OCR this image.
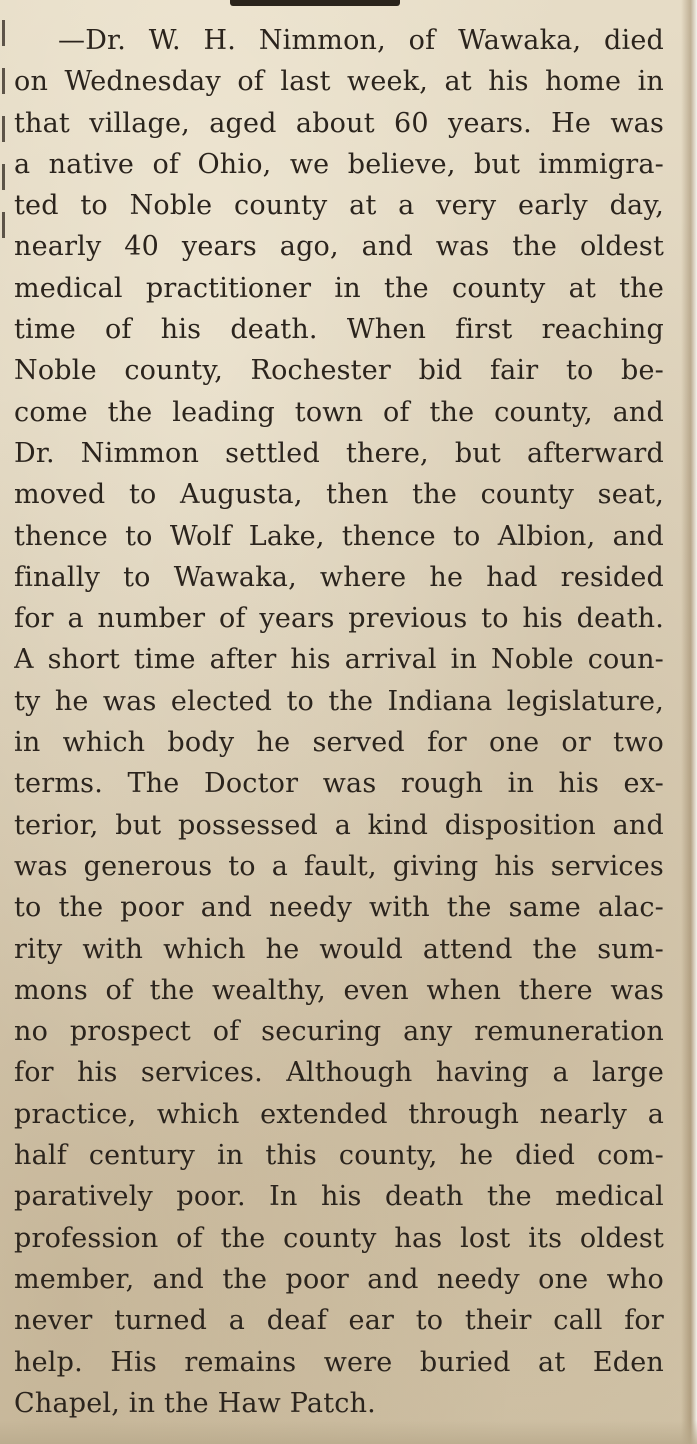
—Dr. W. H. Nimmon, of Wawaka, died
on Wednesday of last week, at his home in
that village, aged about 60 years. He was
a native of Ohio, we believe, but immigra-
ted to Noble county at a very early day,
nearly 40 years ago, and was the oldest
medical practitioner in the county at the
time of his death. When first reaching
Noble county, Rochester bid fair to be-
come the leading town of the county, and
Dr. Nimmon settled there, but afterward
moved to Augusta, then the county seat,
thence to Wolf Lake, thence to Albion, and
finally to Wawaka, where he had resided
for a number of years previous to his death.
A short time after his arrival in Noble coun-
ty he was elected to the Indiana legislature,
in which body he served for one or two
terms. The Doctor was rough in his ex-
terior, but possessed a kind disposition and
was generous to a fault, giving his services
to the poor and needy with the same alac-
rity with which he would attend the sum-
mons of the wealthy, even when there was
no prospect of securing any remuneration
for his services. Although having a large
practice, which extended through nearly a
half century in this county, he died com-
paratively poor. In his death the medical
profession of the county has lost its oldest
member, and the poor and needy one who
never turned a deaf ear to their call for
help. His remains were buried at Eden
Chapel, in the Haw Patch.
